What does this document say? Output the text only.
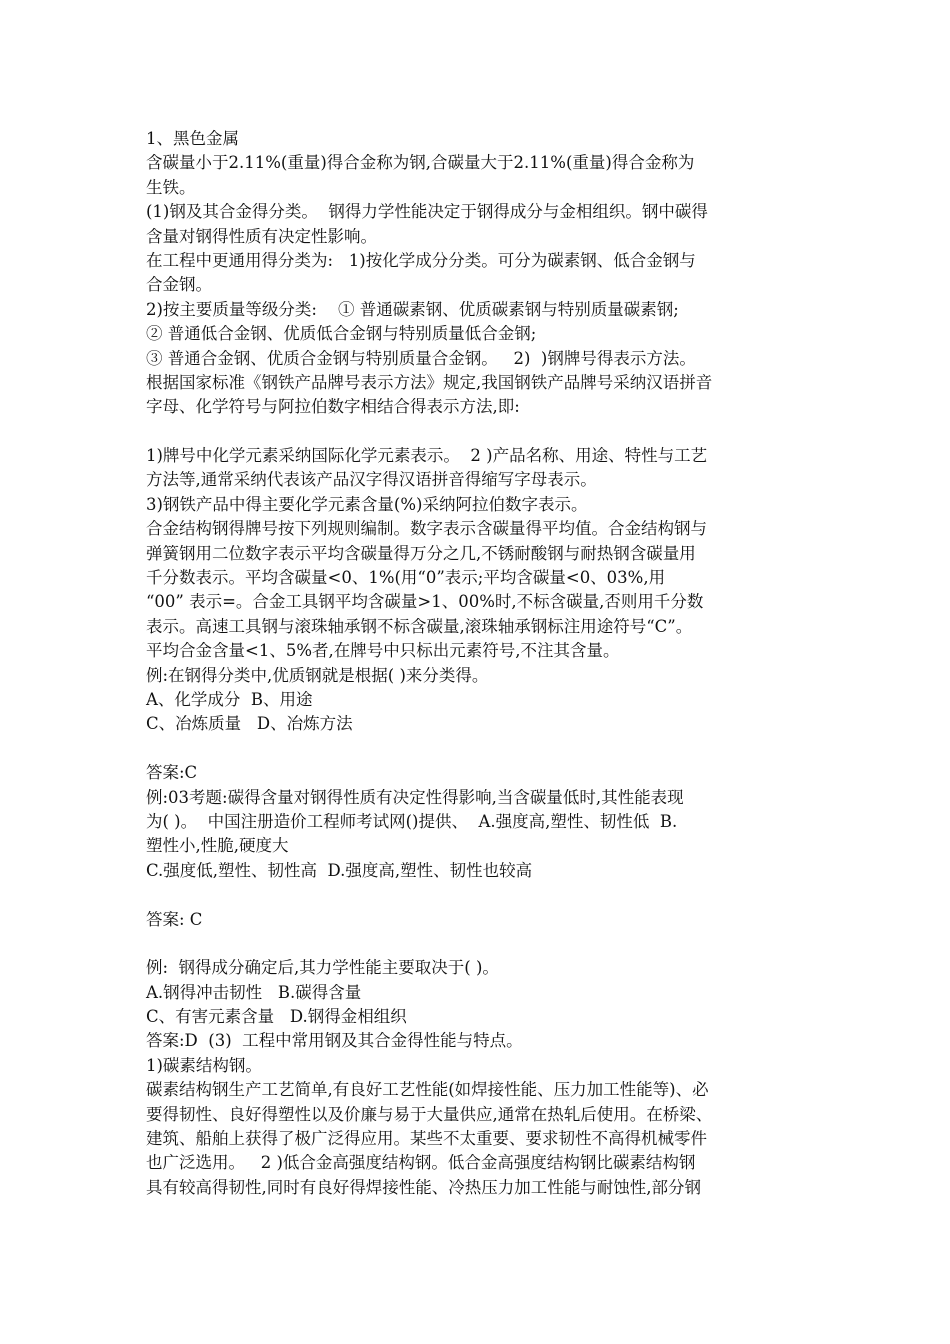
1、黑色金属
含碳量小于2.11%(重量)得合金称为钢,合碳量大于2.11%(重量)得合金称为
生铁。
(1)钢及其合金得分类。  钢得力学性能决定于钢得成分与金相组织。钢中碳得
含量对钢得性质有决定性影响。
在工程中更通用得分类为:   1)按化学成分分类。可分为碳素钢、低合金钢与
合金钢。
2)按主要质量等级分类:    ① 普通碳素钢、优质碳素钢与特别质量碳素钢;
② 普通低合金钢、优质低合金钢与特别质量低合金钢;
③ 普通合金钢、优质合金钢与特别质量合金钢。   2)  )钢牌号得表示方法。
根据国家标准《钢铁产品牌号表示方法》规定,我国钢铁产品牌号采纳汉语拼音
字母、化学符号与阿拉伯数字相结合得表示方法,即:
1)牌号中化学元素采纳国际化学元素表示。  2 )产品名称、用途、特性与工艺
方法等,通常采纳代表该产品汉字得汉语拼音得缩写字母表示。
3)钢铁产品中得主要化学元素含量(%)采纳阿拉伯数字表示。
合金结构钢得牌号按下列规则编制。数字表示含碳量得平均值。合金结构钢与
弹簧钢用二位数字表示平均含碳量得万分之几,不锈耐酸钢与耐热钢含碳量用
千分数表示。平均含碳量<0、1%(用“0”表示;平均含碳量<0、03%,用
“00” 表示=。合金工具钢平均含碳量>1、00%时,不标含碳量,否则用千分数
表示。高速工具钢与滚珠轴承钢不标含碳量,滚珠轴承钢标注用途符号“C”。
平均合金含量<1、5%者,在牌号中只标出元素符号,不注其含量。
例:在钢得分类中,优质钢就是根据( )来分类得。
A、化学成分  B、用途
C、冶炼质量   D、冶炼方法
答案:C
例:03考题:碳得含量对钢得性质有决定性得影响,当含碳量低时,其性能表现
为( )。  中国注册造价工程师考试网()提供、  A.强度高,塑性、韧性低  B.
塑性小,性脆,硬度大
C.强度低,塑性、韧性高  D.强度高,塑性、韧性也较高
答案: C
例:  钢得成分确定后,其力学性能主要取决于( )。
A.钢得冲击韧性   B.碳得含量
C、有害元素含量   D.钢得金相组织
答案:D  (3)  工程中常用钢及其合金得性能与特点。
1)碳素结构钢。
碳素结构钢生产工艺简单,有良好工艺性能(如焊接性能、压力加工性能等)、必
要得韧性、良好得塑性以及价廉与易于大量供应,通常在热轧后使用。在桥梁、
建筑、船舶上获得了极广泛得应用。某些不太重要、要求韧性不高得机械零件
也广泛选用。   2 )低合金高强度结构钢。低合金高强度结构钢比碳素结构钢
具有较高得韧性,同时有良好得焊接性能、冷热压力加工性能与耐蚀性,部分钢
